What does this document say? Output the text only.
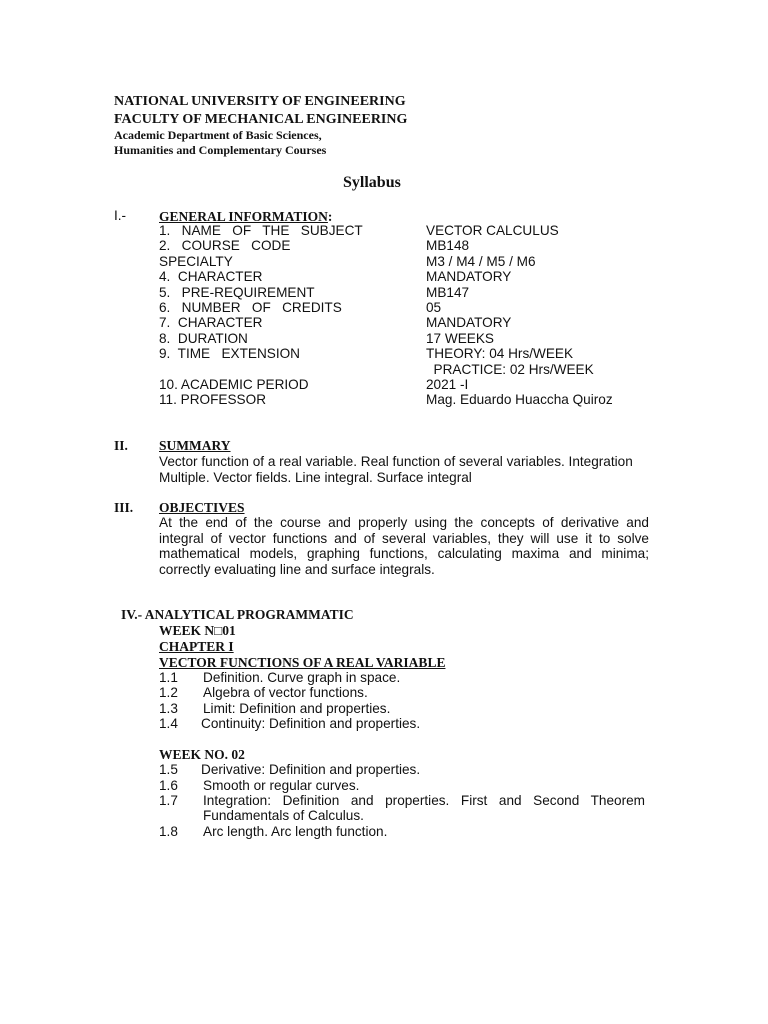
NATIONAL UNIVERSITY OF ENGINEERING
FACULTY OF MECHANICAL ENGINEERING
Academic Department of Basic Sciences,
Humanities and Complementary Courses
Syllabus
I.- GENERAL INFORMATION:
1.   NAME   OF   THE   SUBJECT	VECTOR CALCULUS
2.   COURSE   CODE	MB148
SPECIALTY	M3 / M4 / M5 / M6
4.  CHARACTER	MANDATORY
5.   PRE-REQUIREMENT	MB147
6.   NUMBER   OF   CREDITS	05
7.  CHARACTER	MANDATORY
8.  DURATION	17 WEEKS
9.  TIME   EXTENSION	THEORY: 04 Hrs/WEEK
PRACTICE: 02 Hrs/WEEK
10. ACADEMIC PERIOD	2021 -I
11. PROFESSOR	Mag. Eduardo Huaccha Quiroz
II. SUMMARY
Vector function of a real variable. Real function of several variables. Integration
Multiple. Vector fields. Line integral. Surface integral
III. OBJECTIVES
At the end of the course and properly using the concepts of derivative and
integral of vector functions and of several variables, they will use it to solve
mathematical models, graphing functions, calculating maxima and minima;
correctly evaluating line and surface integrals.
IV.- ANALYTICAL PROGRAMMATIC
WEEK N□01
CHAPTER I
VECTOR FUNCTIONS OF A REAL VARIABLE
1.1 Definition. Curve graph in space.
1.2 Algebra of vector functions.
1.3 Limit: Definition and properties.
1.4 Continuity: Definition and properties.
WEEK NO. 02
1.5 Derivative: Definition and properties.
1.6 Smooth or regular curves.
1.7 Integration:  Definition  and  properties.  First  and  Second  Theorem
Fundamentals of Calculus.
1.8 Arc length. Arc length function.
